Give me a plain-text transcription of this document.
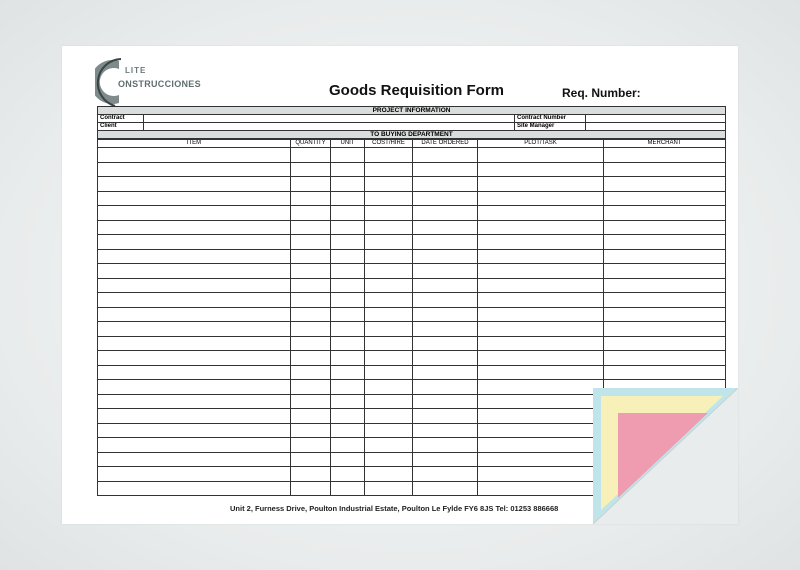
LITE
ONSTRUCCIONES	Goods Requisition Form	Req. Number:
PROJECT INFORMATION			
Contract		Contract Number	
Client		Site Manager	
TO BUYING DEPARTMENT			
ITEM	QUANTITY	UNIT	COST/HIRE	DATE ORDERED	PLOT/TASK	MERCHANT

Unit 2, Furness Drive, Poulton Industrial Estate, Poulton Le Fylde FY6 8JS Tel: 01253 886668
